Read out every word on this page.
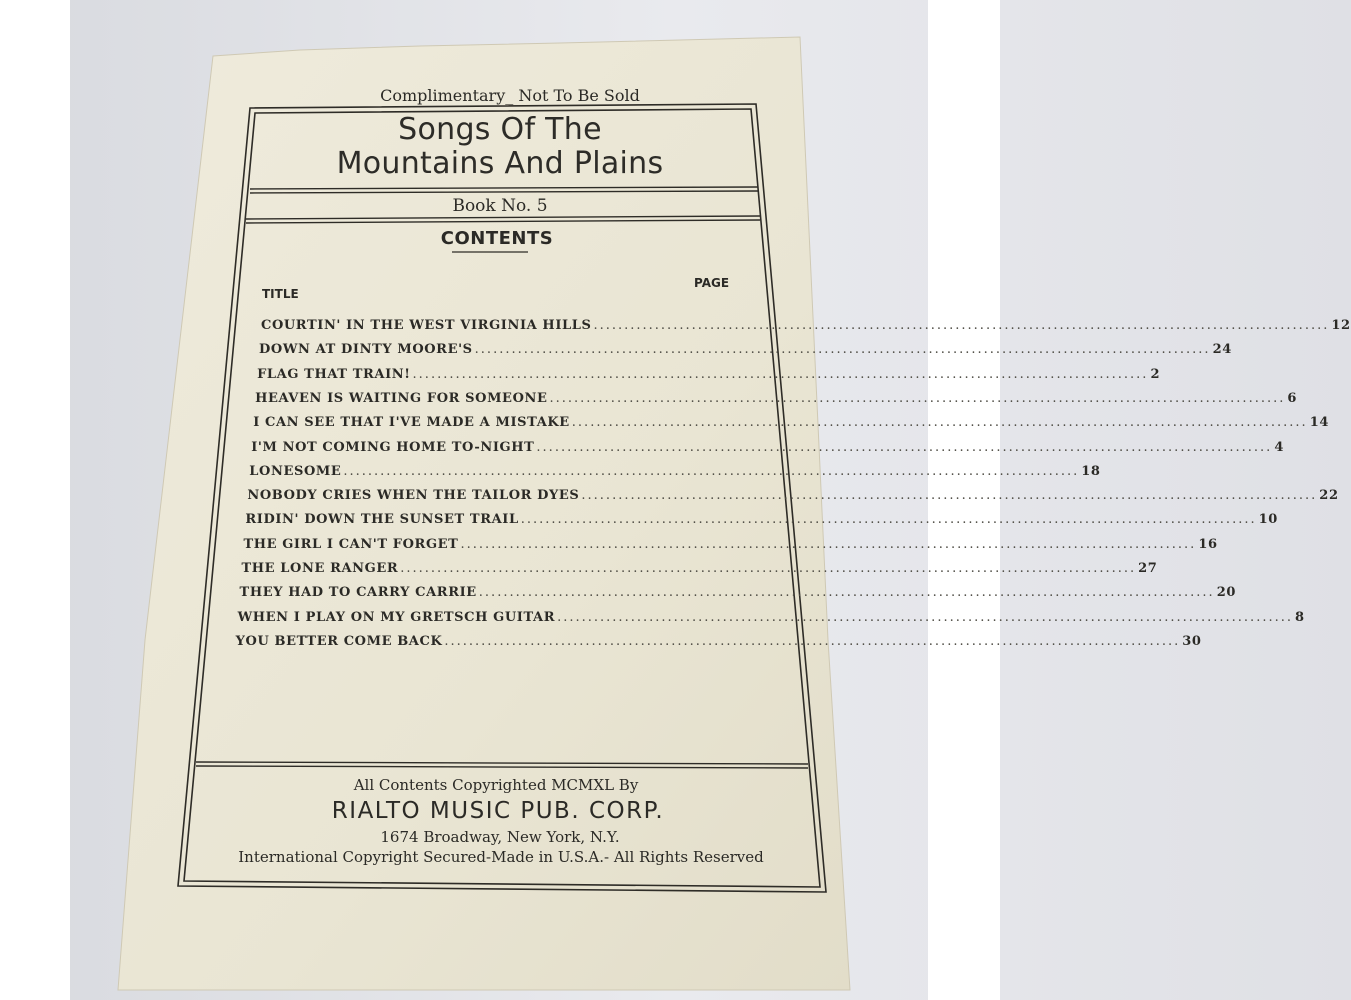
Complimentary_ Not To Be Sold
Songs Of The
Mountains And Plains
Book No. 5
CONTENTS
TITLE
PAGE
COURTIN' IN THE WEST VIRGINIA HILLS ........................................................................................................................ 12
DOWN AT DINTY MOORE'S ........................................................................................................................ 24
FLAG THAT TRAIN! ........................................................................................................................ 2
HEAVEN IS WAITING FOR SOMEONE ........................................................................................................................ 6
I CAN SEE THAT I'VE MADE A MISTAKE ........................................................................................................................ 14
I'M NOT COMING HOME TO-NIGHT ........................................................................................................................ 4
LONESOME ........................................................................................................................ 18
NOBODY CRIES WHEN THE TAILOR DYES ........................................................................................................................ 22
RIDIN' DOWN THE SUNSET TRAIL ........................................................................................................................ 10
THE GIRL I CAN'T FORGET ........................................................................................................................ 16
THE LONE RANGER ........................................................................................................................ 27
THEY HAD TO CARRY CARRIE ........................................................................................................................ 20
WHEN I PLAY ON MY GRETSCH GUITAR ........................................................................................................................ 8
YOU BETTER COME BACK ........................................................................................................................ 30
All Contents Copyrighted MCMXL By
RIALTO MUSIC PUB. CORP.
1674 Broadway, New York, N.Y.
International Copyright Secured-Made in U.S.A.- All Rights Reserved
